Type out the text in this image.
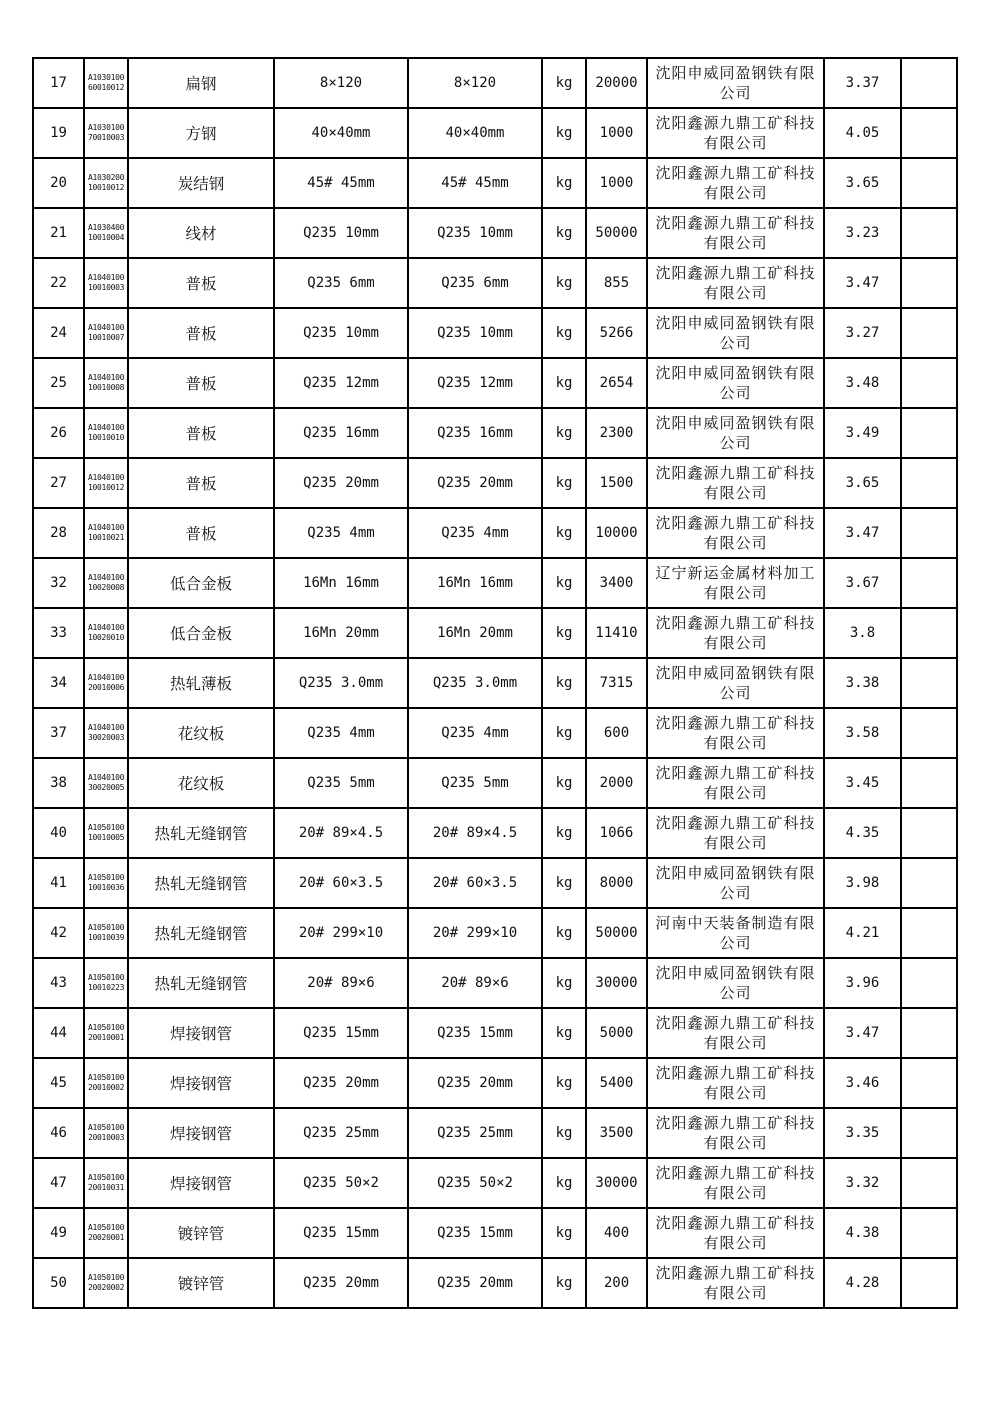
17	A1030100 60010012	扁钢	8×120	8×120	kg	20000	沈阳申威同盈钢铁有限公司	3.37	
19	A1030100 70010003	方钢	40×40mm	40×40mm	kg	1000	沈阳鑫源九鼎工矿科技有限公司	4.05	
20	A1030200 10010012	炭结钢	45# 45mm	45# 45mm	kg	1000	沈阳鑫源九鼎工矿科技有限公司	3.65	
21	A1030400 10010004	线材	Q235 10mm	Q235 10mm	kg	50000	沈阳鑫源九鼎工矿科技有限公司	3.23	
22	A1040100 10010003	普板	Q235 6mm	Q235 6mm	kg	855	沈阳鑫源九鼎工矿科技有限公司	3.47	
24	A1040100 10010007	普板	Q235 10mm	Q235 10mm	kg	5266	沈阳申威同盈钢铁有限公司	3.27	
25	A1040100 10010008	普板	Q235 12mm	Q235 12mm	kg	2654	沈阳申威同盈钢铁有限公司	3.48	
26	A1040100 10010010	普板	Q235 16mm	Q235 16mm	kg	2300	沈阳申威同盈钢铁有限公司	3.49	
27	A1040100 10010012	普板	Q235 20mm	Q235 20mm	kg	1500	沈阳鑫源九鼎工矿科技有限公司	3.65	
28	A1040100 10010021	普板	Q235 4mm	Q235 4mm	kg	10000	沈阳鑫源九鼎工矿科技有限公司	3.47	
32	A1040100 10020008	低合金板	16Mn 16mm	16Mn 16mm	kg	3400	辽宁新运金属材料加工有限公司	3.67	
33	A1040100 10020010	低合金板	16Mn 20mm	16Mn 20mm	kg	11410	沈阳鑫源九鼎工矿科技有限公司	3.8	
34	A1040100 20010006	热轧薄板	Q235 3.0mm	Q235 3.0mm	kg	7315	沈阳申威同盈钢铁有限公司	3.38	
37	A1040100 30020003	花纹板	Q235 4mm	Q235 4mm	kg	600	沈阳鑫源九鼎工矿科技有限公司	3.58	
38	A1040100 30020005	花纹板	Q235 5mm	Q235 5mm	kg	2000	沈阳鑫源九鼎工矿科技有限公司	3.45	
40	A1050100 10010005	热轧无缝钢管	20# 89×4.5	20# 89×4.5	kg	1066	沈阳鑫源九鼎工矿科技有限公司	4.35	
41	A1050100 10010036	热轧无缝钢管	20# 60×3.5	20# 60×3.5	kg	8000	沈阳申威同盈钢铁有限公司	3.98	
42	A1050100 10010039	热轧无缝钢管	20# 299×10	20# 299×10	kg	50000	河南中天装备制造有限公司	4.21	
43	A1050100 10010223	热轧无缝钢管	20# 89×6	20# 89×6	kg	30000	沈阳申威同盈钢铁有限公司	3.96	
44	A1050100 20010001	焊接钢管	Q235 15mm	Q235 15mm	kg	5000	沈阳鑫源九鼎工矿科技有限公司	3.47	
45	A1050100 20010002	焊接钢管	Q235 20mm	Q235 20mm	kg	5400	沈阳鑫源九鼎工矿科技有限公司	3.46	
46	A1050100 20010003	焊接钢管	Q235 25mm	Q235 25mm	kg	3500	沈阳鑫源九鼎工矿科技有限公司	3.35	
47	A1050100 20010031	焊接钢管	Q235 50×2	Q235 50×2	kg	30000	沈阳鑫源九鼎工矿科技有限公司	3.32	
49	A1050100 20020001	镀锌管	Q235 15mm	Q235 15mm	kg	400	沈阳鑫源九鼎工矿科技有限公司	4.38	
50	A1050100 20020002	镀锌管	Q235 20mm	Q235 20mm	kg	200	沈阳鑫源九鼎工矿科技有限公司	4.28	
